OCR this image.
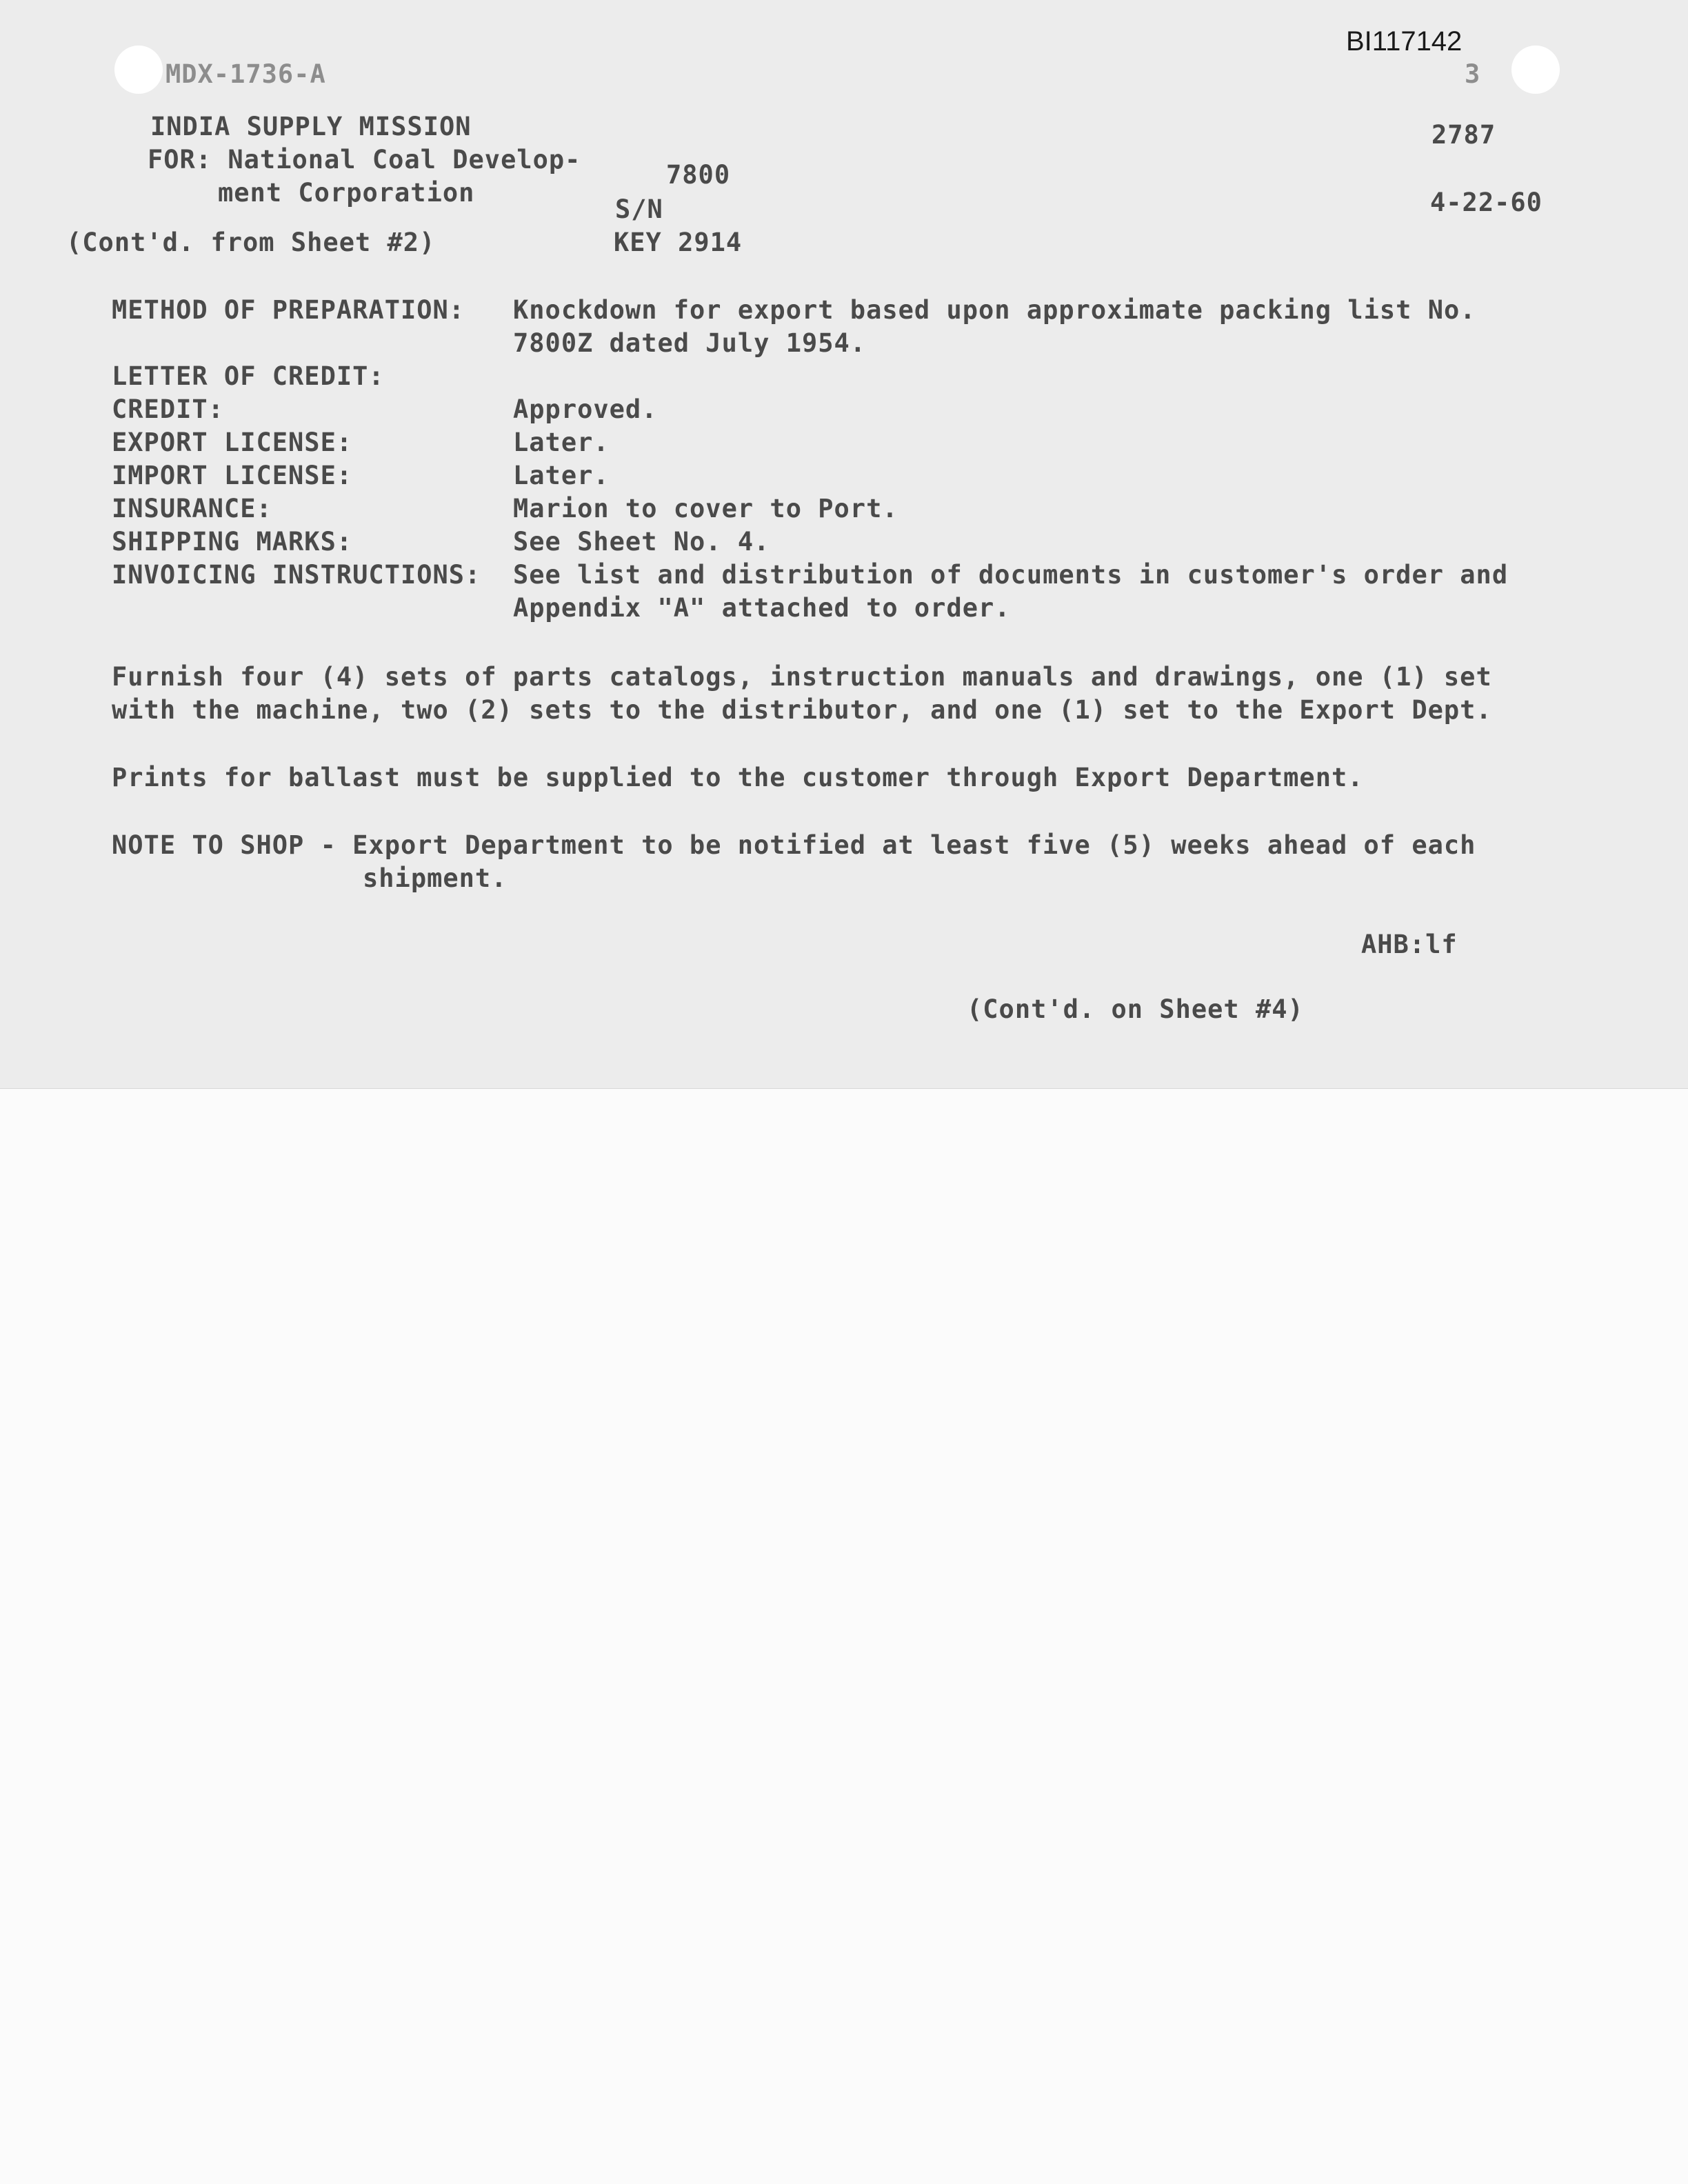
BI117142

MDX-1736-A	3

INDIA SUPPLY MISSION	2787

FOR: National Coal Develop-

7800

ment Corporation	4-22-60

S/N

(Cont'd. from Sheet #2)	KEY 2914

METHOD OF PREPARATION: Knockdown for export based upon approximate packing list No.

7800Z dated July 1954.

LETTER OF CREDIT:

CREDIT:	Approved.

EXPORT LICENSE:	Later.

IMPORT LICENSE:	Later.

INSURANCE:	Marion to cover to Port.

SHIPPING MARKS:	See Sheet No. 4.

INVOICING INSTRUCTIONS: See list and distribution of documents in customer's order and

Appendix "A" attached to order.

Furnish four (4) sets of parts catalogs, instruction manuals and drawings, one (1) set

with the machine, two (2) sets to the distributor, and one (1) set to the Export Dept.

Prints for ballast must be supplied to the customer through Export Department.

NOTE TO SHOP - Export Department to be notified at least five (5) weeks ahead of each

shipment.

AHB:lf

(Cont'd. on Sheet #4)
